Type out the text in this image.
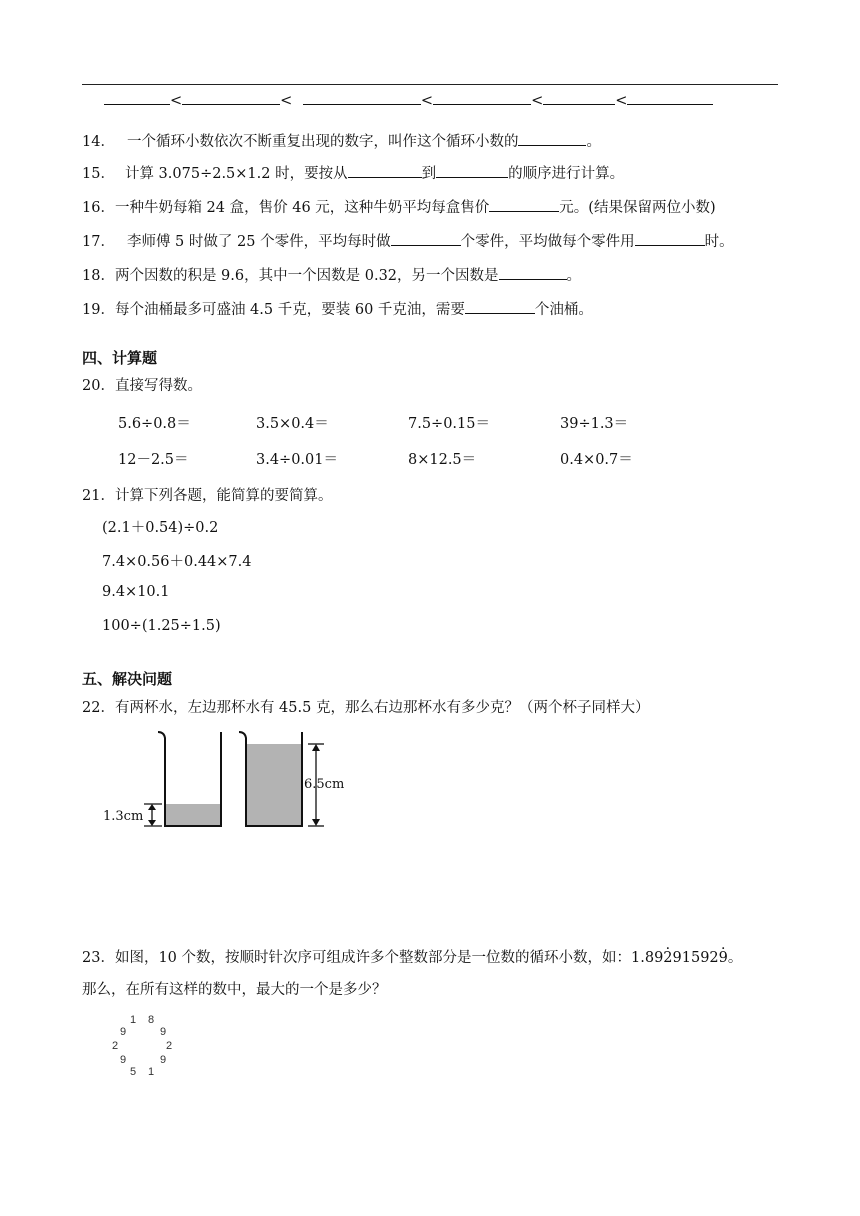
<	<	<	<	<
14． 一个循环小数依次不断重复出现的数字，叫作这个循环小数的	。
15． 计算 3.075÷2.5×1.2 时，要按从	到	的顺序进行计算。
16．一种牛奶每箱 24 盒，售价 46 元，这种牛奶平均每盒售价	元。(结果保留两位小数)
17． 李师傅 5 时做了 25 个零件，平均每时做	个零件，平均做每个零件用	时。
18．两个因数的积是 9.6，其中一个因数是 0.32，另一个因数是	。
19．每个油桶最多可盛油 4.5 千克，要装 60 千克油，需要	个油桶。
四、计算题
20．直接写得数。
5.6÷0.8＝	3.5×0.4＝	7.5÷0.15＝	39÷1.3＝
12－2.5＝	3.4÷0.01＝	8×12.5＝	0.4×0.7＝
21．计算下列各题，能简算的要简算。
(2.1＋0.54)÷0.2
7.4×0.56＋0.44×7.4
9.4×10.1
100÷(1.25÷1.5)
五、解决问题
22．有两杯水，左边那杯水有 45.5 克，那么右边那杯水有多少克？（两个杯子同样大）
1.3cm
6.5cm
23．如图，10 个数，按顺时针次序可组成许多个整数部分是一位数的循环小数，如：1.89· 291592· 9。
那么，在所有这样的数中，最大的一个是多少？
1 8
9
9
2
2
9	9
5 1
